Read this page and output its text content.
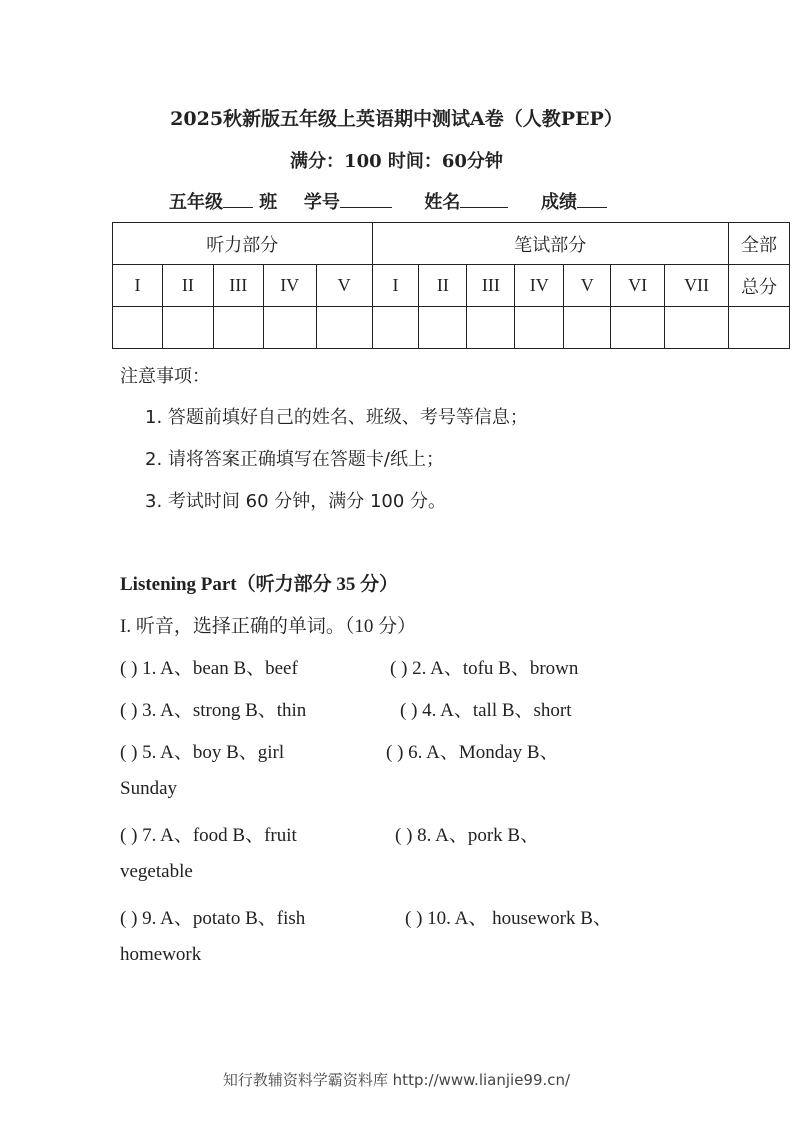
2025秋新版五年级上英语期中测试A卷（人教PEP）
满分：100 时间：60分钟
五年级 班 学号	姓名	成绩
听力部分					笔试部分							全部
I	II	III	IV	V	I	II	III	IV	V	VI	VII	总分

注意事项：
1. 答题前填好自己的姓名、班级、考号等信息；
2. 请将答案正确填写在答题卡/纸上；
3. 考试时间 60 分钟，满分 100 分。
Listening Part（听力部分 35 分）
I. 听音，选择正确的单词。（10 分）
( ) 1. A、bean B、beef	( ) 2. A、tofu B、brown
( ) 3. A、strong B、thin	( ) 4. A、tall B、short
( ) 5. A、boy B、girl	( ) 6. A、Monday B、
Sunday
( ) 7. A、food B、fruit	( ) 8. A、pork B、
vegetable
( ) 9. A、potato B、fish	( ) 10. A、 housework B、
homework
知行教辅资料学霸资料库 http://www.lianjie99.cn/
